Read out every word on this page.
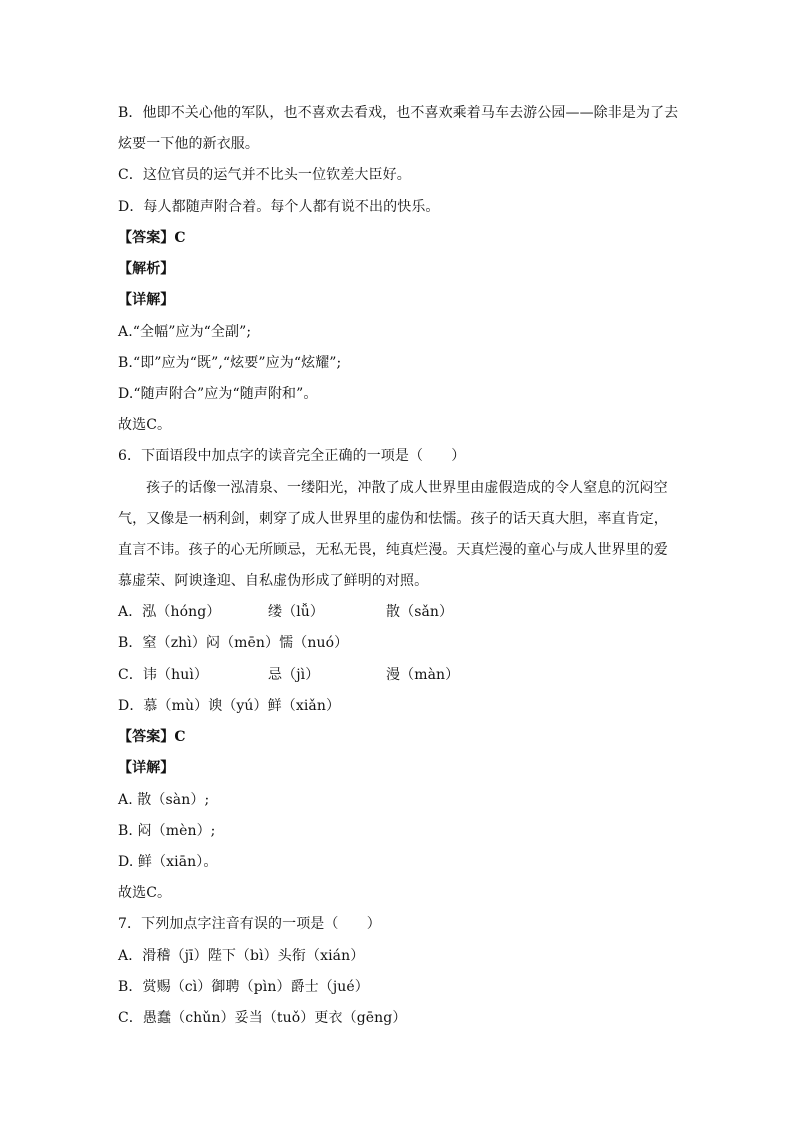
B．他即不关心他的军队，也不喜欢去看戏，也不喜欢乘着马车去游公园——除非是为了去
炫要一下他的新衣服。
C．这位官员的运气并不比头一位钦差大臣好。
D．每人都随声附合着。每个人都有说不出的快乐。
【答案】C
【解析】
【详解】
A.“全幅”应为“全副”;
B.“即”应为“既”,“炫要”应为“炫耀”;
D.“随声附合”应为“随声附和”。
故选C。
6．下面语段中加点字的读音完全正确的一项是（　　）
孩子的话像一泓清泉、一缕阳光，冲散了成人世界里由虚假造成的令人窒息的沉闷空
气，又像是一柄利剑，刺穿了成人世界里的虚伪和怯懦。孩子的话天真大胆，率直肯定，
直言不讳。孩子的心无所顾忌，无私无畏，纯真烂漫。天真烂漫的童心与成人世界里的爱
慕虚荣、阿谀逢迎、自私虚伪形成了鲜明的对照。
A．泓（hóng）	缕（lǚ）	散（sǎn）
B．窒（zhì）闷（mēn）懦（nuó）
C．讳（huì）	忌（jì）	漫（màn）
D．慕（mù）谀（yú）鲜（xiǎn）
【答案】C
【详解】
A. 散（sàn）;
B. 闷（mèn）;
D. 鲜（xiān）。
故选C。
7．下列加点字注音有误的一项是（　　）
A．滑稽（jī）陛下（bì）头衔（xián）
B．赏赐（cì）御聘（pìn）爵士（jué）
C．愚蠢（chǔn）妥当（tuǒ）更衣（gēng）
